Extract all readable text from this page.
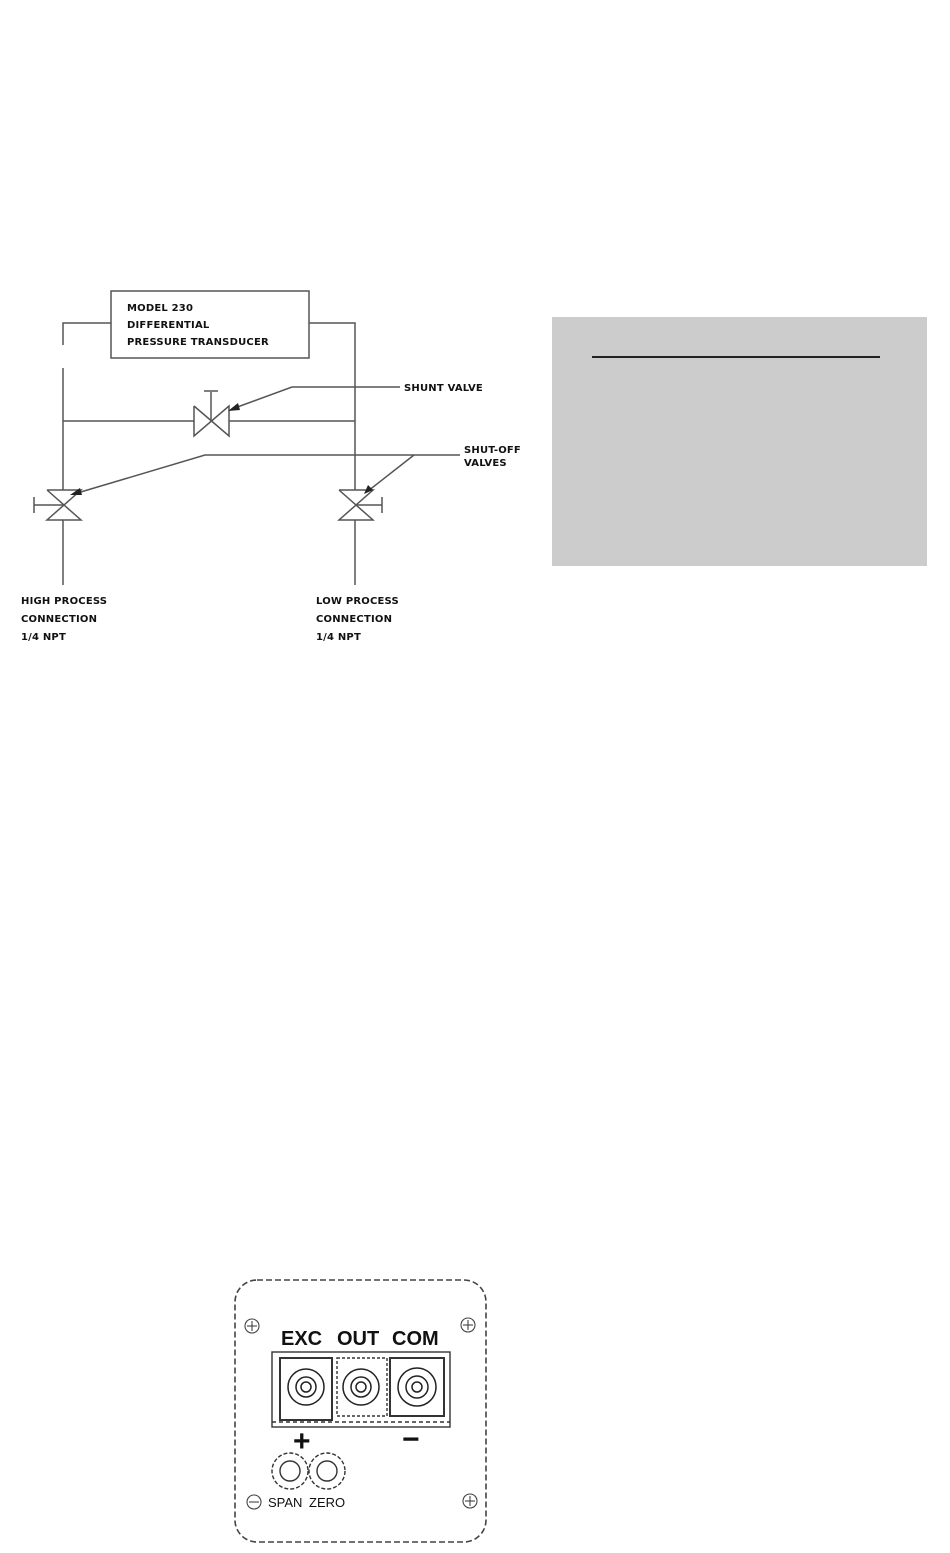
MODEL 230
DIFFERENTIAL
PRESSURE TRANSDUCER
SHUNT VALVE
SHUT-OFF
VALVES
HIGH PROCESS
CONNECTION
1/4 NPT
LOW PROCESS
CONNECTION
1/4 NPT
EXC OUT COM
+	−
SPAN ZERO
